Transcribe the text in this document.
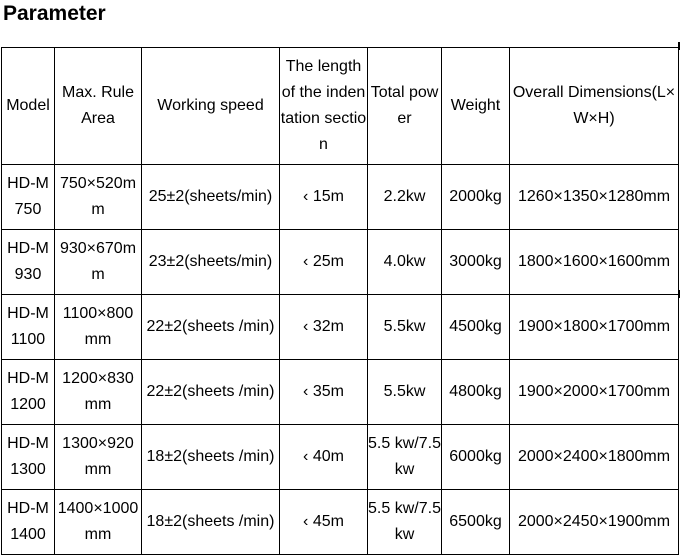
Parameter
Model	Max. Rule Area	Working speed	The length of the indentation section	Total power	Weight	Overall Dimensions(L×W×H)
HD-M 750	750×520mm	25±2(sheets/min)	‹ 15m	2.2kw	2000kg	1260×1350×1280mm
HD-M 930	930×670mm	23±2(sheets/min)	‹ 25m	4.0kw	3000kg	1800×1600×1600mm
HD-M 1100	1100×800 mm	22±2(sheets /min)	‹ 32m	5.5kw	4500kg	1900×1800×1700mm
HD-M 1200	1200×830 mm	22±2(sheets /min)	‹ 35m	5.5kw	4800kg	1900×2000×1700mm
HD-M 1300	1300×920 mm	18±2(sheets /min)	‹ 40m	5.5 kw/7.5kw	6000kg	2000×2400×1800mm
HD-M 1400	1400×1000 mm	18±2(sheets /min)	‹ 45m	5.5 kw/7.5kw	6500kg	2000×2450×1900mm
